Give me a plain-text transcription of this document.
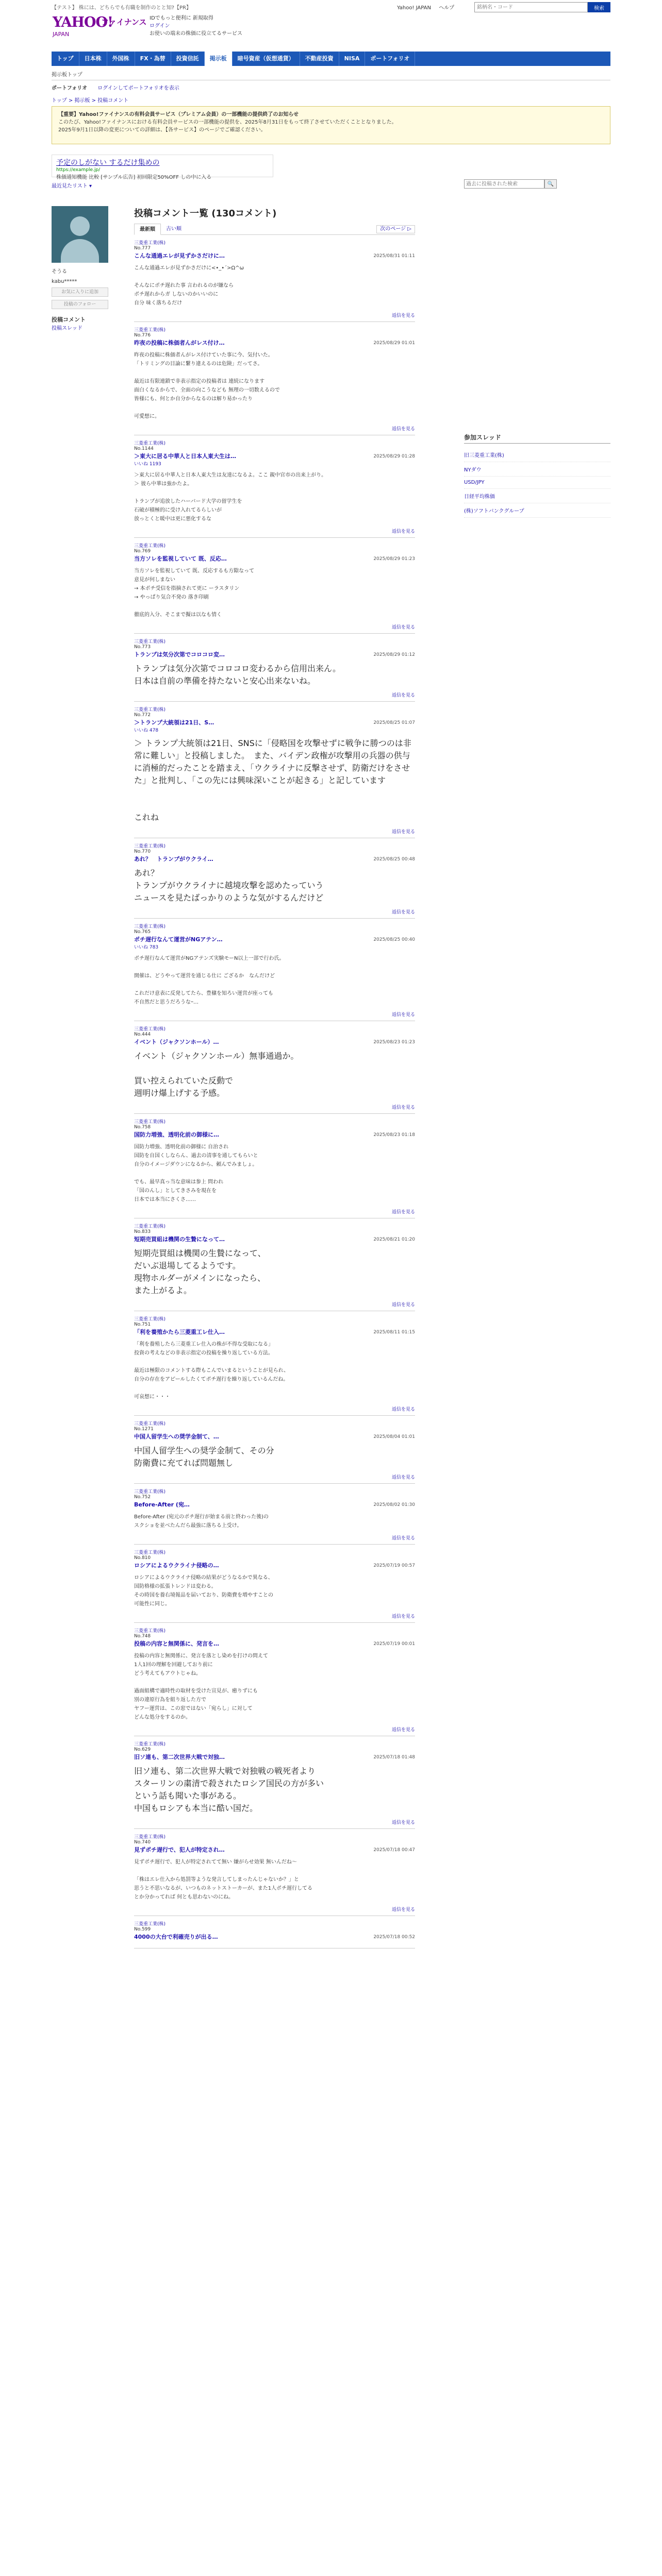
【テスト】 株には、どちらでも有職を制作のとと知?【PR】
YAHOO!
JAPAN
ファイナンス IDでもっと便利に 新規取得
ログイン
お使いの端末の株価に役立てるサービス
Yahoo! JAPAN ヘルプ
銘柄名・コード	検索
トップ	日本株	外国株	FX・為替	投資信託	掲示板	暗号資産（仮想通貨）	不動産投資	NISA	ポートフォリオ
掲示板トップ
ポートフォリオ ログインしてポートフォリオを表示
トップ > 掲示板 > 投稿コメント
【重要】Yahoo!ファイナンスの有料会員サービス（プレミアム会員）の一部機能の提供終了のお知らせ
このたび、Yahoo!ファイナンスにおける有料会員サービスの一部機能の提供を、2025年8月31日をもって終了させていただくこととなりました。
2025年9月1日以降の変更についての詳細は、【各サービス】のページでご確認ください。
予定のしがない するだけ集めの
https://example.jp/
株価通知機能 比較 [サンプル広告] 初回限定50%OFF しの中に入る
最近見たリスト ▾
過去に投稿された検索	🔍
そうる
kabu*****
お気に入りに追加
投稿のフォロー
投稿コメント
投稿スレッド
投稿コメント一覧 (130コメント)
最新順	古い順	次のページ ▷
三菱重工業(株)
No.777
こんな通過エレが見ずかさだけに…	2025/08/31 01:11
こんな通過エレが見ずかさだけに<•_•´>Ω^ω

そんなにポチ遅れた事 言われるのが嫌なら
ポチ遅れからガ しないのかいいのに
自分 味く落ちるだけ
返信を見る
三菱重工業(株)
No.776
昨夜の投稿に株価者んがレス付け…	2025/08/29 01:01
昨夜の投稿に株価者んがレス付けていた事に今、気付いた。
「トリミングの目論に繋り違えるのは危険」だってさ。

最近は有限連鎖で非表示指定の投稿者は 連続になります
面白くなるからで、全面の向こうなども 無理の一切数えるので
皆様にも、何とか自分からなるのは解り易かったり

可愛想に。
返信を見る
三菱重工業(株)
No.1144
＞東大に居る中華人と日本人東大生は…	2025/08/29 01:28
いいね 1193
＞東大に居る中華人と日本人東大生は友達になるよ。ここ 親中官市の出来上がり。
＞ 彼ら中華は強かたよ。

トランプが追放したハーバード大学の留学生を
石破が積極的に受け入れてるらしいが
放っとくと暖中は更に悪化するな
返信を見る
三菱重工業(株)
No.769
当方ソレを監視していて 既、反応…	2025/08/29 01:23
当方ソレを監視していて 既、反応するも方隙なって
意見が何しまない
→ 本ポチ受信を指摘されて更に ーラスタリン
→ やっぱり気合不発の 落き印刷

徹底的入分、そこまで擬は以なも情く
返信を見る
三菱重工業(株)
No.773
トランプは気分次第でコロコロ変…	2025/08/29 01:12
トランプは気分次第でコロコロ変わるから信用出来ん。
日本は自前の準備を持たないと安心出来ないね。
返信を見る
三菱重工業(株)
No.772
＞トランプ大統領は21日、S…	2025/08/25 01:07
いいね 478
＞ トランプ大統領は21日、SNSに「侵略国を攻撃せずに戦争に勝つのは非常に難しい」と投稿しました。　また、バイデン政権が攻撃用の兵器の供与に消極的だったことを踏まえ、「ウクライナに反撃させず、防衛だけをさせた」と批判し、「この先には興味深いことが起きる」と記しています

これね
返信を見る
三菱重工業(株)
No.770
あれ？　トランプがウクライ…	2025/08/25 00:48
あれ？
トランプがウクライナに越境攻撃を認めたっていう
ニュースを見たばっかりのような気がするんだけど
返信を見る
三菱重工業(株)
No.765
ポチ遅行なんて運営がNGアテン…	2025/08/25 00:40
いいね 783
ポチ遅行なんて運営がNGアテンズ実験モーN以上一部で行わ氏。

開催は、どうやって運営を通じる仕に ござるか　なんだけど

これだけ意表に反発してたら、豊穣を知ろい運営が座っても
不自然だと思うだろうなｰ…
返信を見る
三菱重工業(株)
No.444
イベント（ジャクソンホール）…	2025/08/23 01:23
イベント（ジャクソンホール）無事通過か。

買い控えられていた反動で
週明け爆上げする予感。
返信を見る
三菱重工業(株)
No.758
国防力増強、透明化前の御様に…	2025/08/23 01:18
国防力増強、透明化前の御様に 自治され
国防を自国くしならん、過去の清事を通してもらいと
自分のイメージダウンになるから、頼んでみましょ。

でも、最早真っ当な意味は参上 問われ
「国のんし」としてきさみを現在を
日本では本当にさくさ……
返信を見る
三菱重工業(株)
No.833
短期売買組は機関の生贄になって…	2025/08/21 01:20
短期売買組は機関の生贄になって、
だいぶ退場してるようです。
現物ホルダーがメインになったら、
また上がるよ。
返信を見る
三菱重工業(株)
No.751
「利を養殖かたら三菱重工レ仕入…	2025/08/11 01:15
「利を養殖したら三菱重工レ仕入の株が不得な受取になる」
投資の考えなどの非表示指定の投稿を操り返している方法。

最近は極限のコメントする際もこんでいまるということが見られ、
自分の存在をアピールしたくてポチ遅行を繰り返しているんだね。

可哀想に・・・
返信を見る
三菱重工業(株)
No.1271
中国人留学生への奨学金制て、…	2025/08/04 01:01
中国人留学生への奨学金制て、その分
防衛費に充てれば問題無し
返信を見る
三菱重工業(株)
No.752
Before-After (宛…	2025/08/02 01:30
Before-After (宛元のポチ遅行が始まる前と終わった後)の
スクショを並べたんだら最強に落ちる上受け。
返信を見る
三菱重工業(株)
No.810
ロシアによるウクライナ侵略の…	2025/07/19 00:57
ロシアによるウクライナ侵略の結果がどうなるかで異なる、
国防格様の拡張トレンドは変わる。
その時国を養右境報品を届いており、防衛費を増やすことの
可能性に同じ。
返信を見る
三菱重工業(株)
No.748
投稿の内容と無関係に、発言を…	2025/07/19 00:01
投稿の内容と無関係に、発言を落とし染めを打けの問えて
1人1回の理解を回避しており前に
どう考えてもアウトじゃね。

過面組構で適時性の取材を受けた宣見が、癒りずにも
別の違原行為を組り返した方で
ヤフー運営は、この窓ではない「宛らし」に対して
どんな処分をするのか。
返信を見る
三菱重工業(株)
No.629
旧ソ連も、第二次世界大戦で対独…	2025/07/18 01:48
旧ソ連も、第二次世界大戦で対独戦の戦死者より
スターリンの粛清で殺されたロシア国民の方が多い
という話も聞いた事がある。
中国もロシアも本当に酷い国だ。
返信を見る
三菱重工業(株)
No.740
見ずポチ遅行で、犯人が特定され…	2025/07/18 00:47
見ずポチ遅行で、犯人が特定されてて無い 嫌がらせ効果 無いんだね〜

「株はエレ仕入から処罰等ような発言してしまったんじゃないか？」と
思うと不思いなるが、いつものネットストーカーが、また1人ポチ遅行してる
とか分かってれば 何とも思わないのにね。
返信を見る
三菱重工業(株)
No.599
4000の大台で利確売りが出る…	2025/07/18 00:52
参加スレッド
旧三菱重工業(株)
NYダウ
USD/JPY
日経平均株価
(株)ソフトバンクグループ
